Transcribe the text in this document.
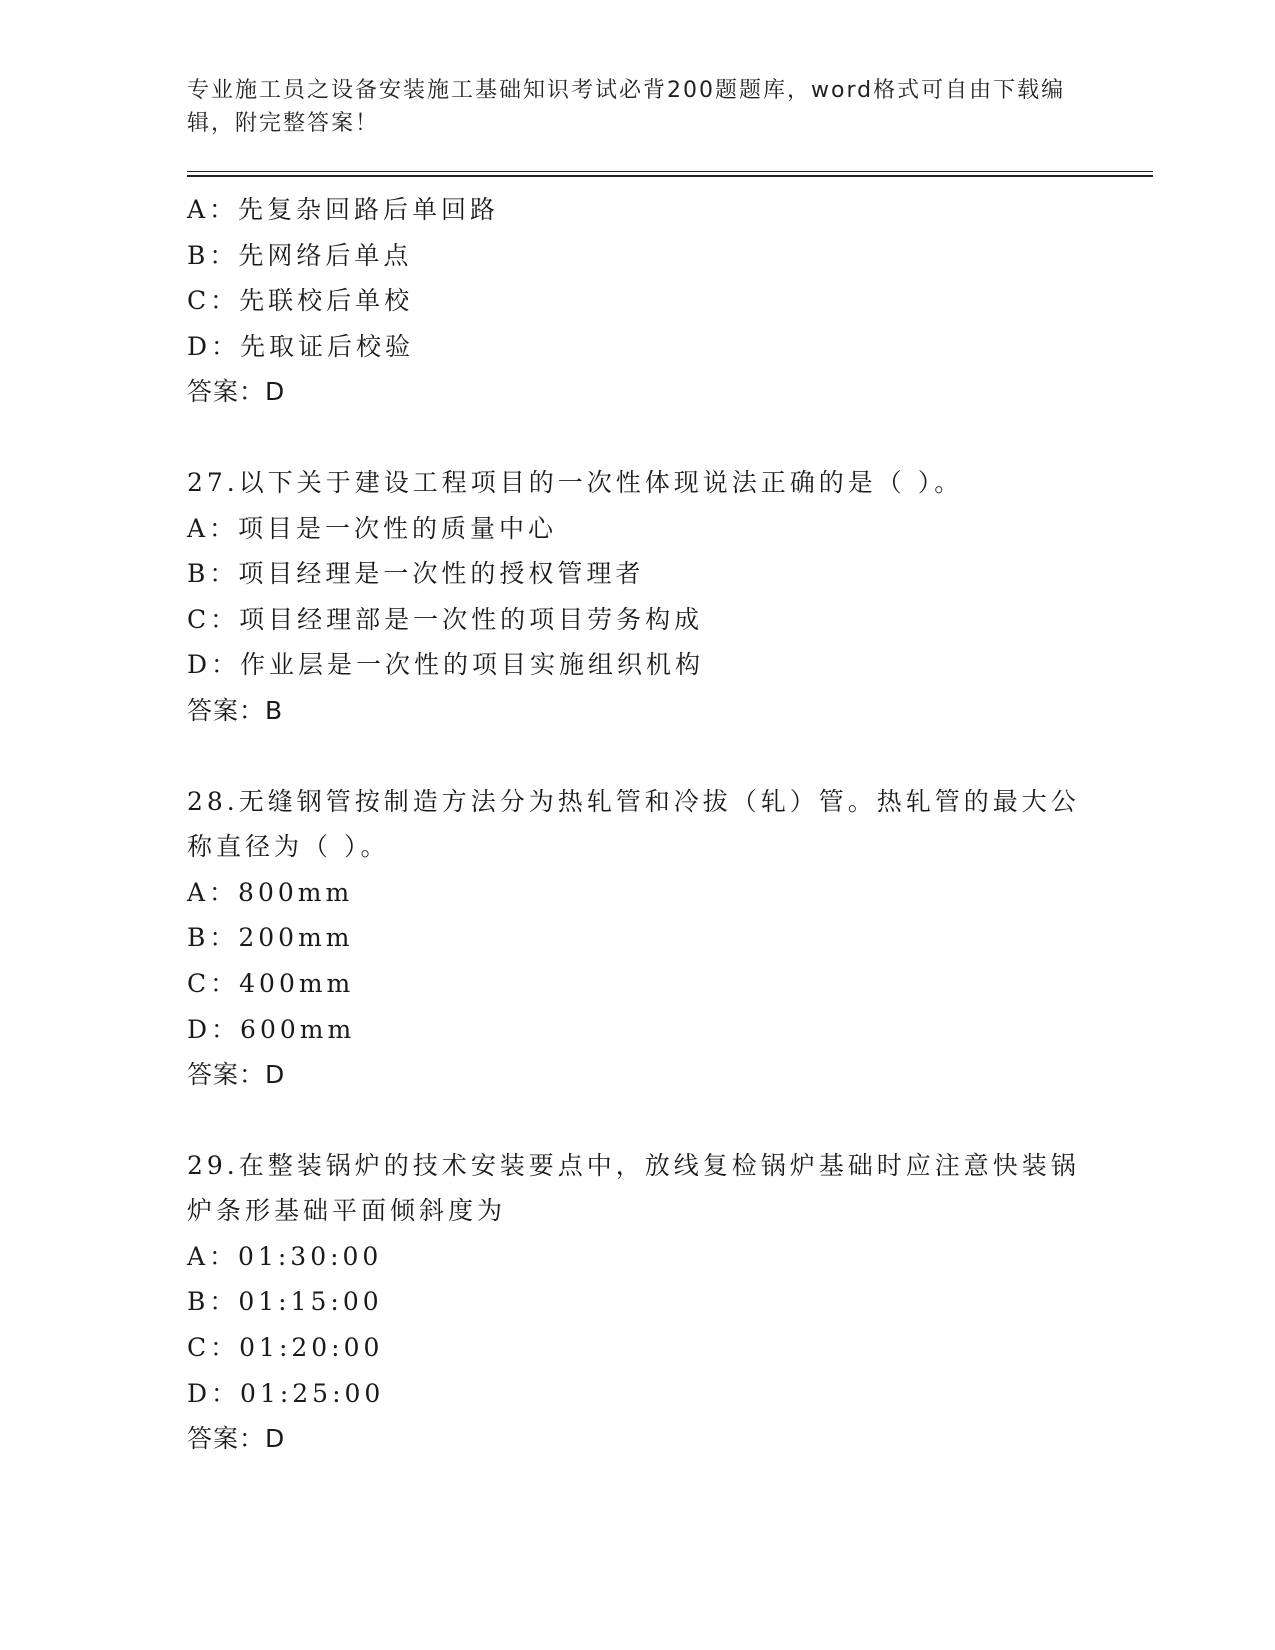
专业施工员之设备安装施工基础知识考试必背200题题库，word格式可自由下载编辑，附完整答案！
A：先复杂回路后单回路
B：先网络后单点
C：先联校后单校
D：先取证后校验
答案：D
27.以下关于建设工程项目的一次性体现说法正确的是（ ）。
A：项目是一次性的质量中心
B：项目经理是一次性的授权管理者
C：项目经理部是一次性的项目劳务构成
D：作业层是一次性的项目实施组织机构
答案：B
28.无缝钢管按制造方法分为热轧管和冷拔（轧）管。热轧管的最大公称直径为（ ）。
A：800mm
B：200mm
C：400mm
D：600mm
答案：D
29.在整装锅炉的技术安装要点中，放线复检锅炉基础时应注意快装锅炉条形基础平面倾斜度为
A：01:30:00
B：01:15:00
C：01:20:00
D：01:25:00
答案：D
